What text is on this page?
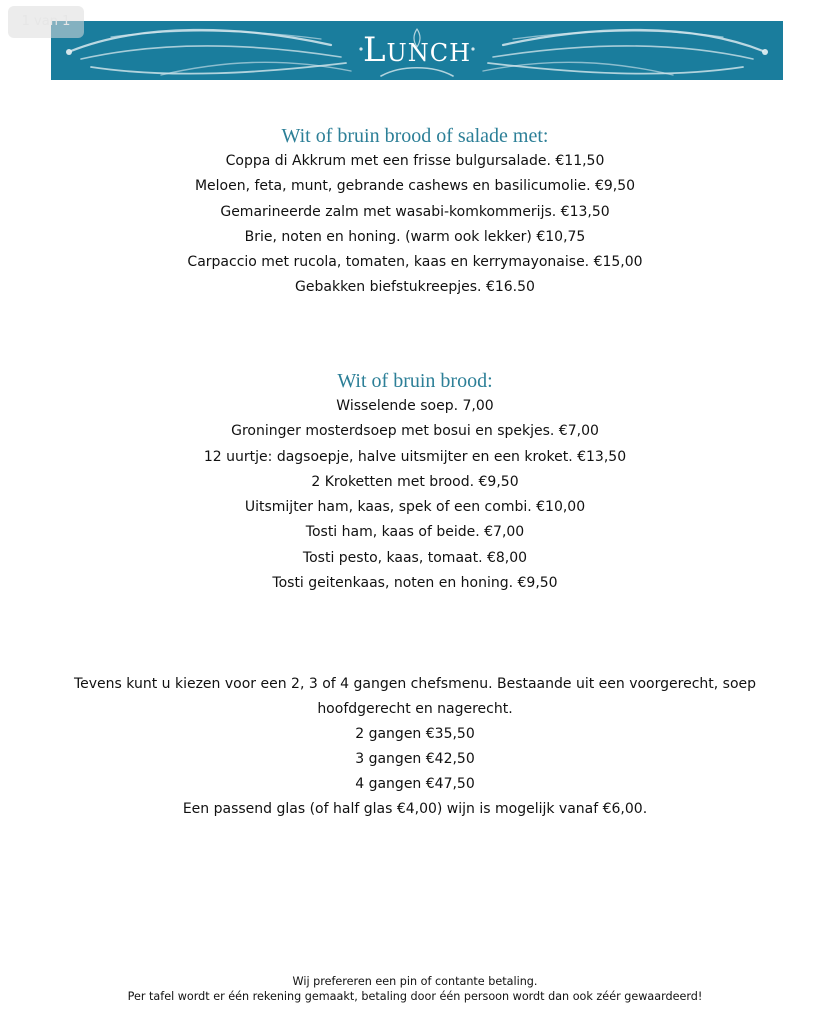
1 van 1
Lunch
Wit of bruin brood of salade met:

Coppa di Akkrum met een frisse bulgursalade. €11,50

Meloen, feta, munt, gebrande cashews en basilicumolie. €9,50

Gemarineerde zalm met wasabi-komkommerijs. €13,50

Brie, noten en honing. (warm ook lekker) €10,75

Carpaccio met rucola, tomaten, kaas en kerrymayonaise. €15,00

Gebakken biefstukreepjes. €16.50

Wit of bruin brood:

Wisselende soep. 7,00

Groninger mosterdsoep met bosui en spekjes. €7,00

12 uurtje: dagsoepje, halve uitsmijter en een kroket. €13,50

2 Kroketten met brood. €9,50

Uitsmijter ham, kaas, spek of een combi. €10,00

Tosti ham, kaas of beide. €7,00

Tosti pesto, kaas, tomaat. €8,00

Tosti geitenkaas, noten en honing. €9,50

Tevens kunt u kiezen voor een 2, 3 of 4 gangen chefsmenu. Bestaande uit een voorgerecht, soep

hoofdgerecht en nagerecht.

2 gangen €35,50

3 gangen €42,50

4 gangen €47,50

Een passend glas (of half glas €4,00) wijn is mogelijk vanaf €6,00.

Wij prefereren een pin of contante betaling.

Per tafel wordt er één rekening gemaakt, betaling door één persoon wordt dan ook zéér gewaardeerd!
